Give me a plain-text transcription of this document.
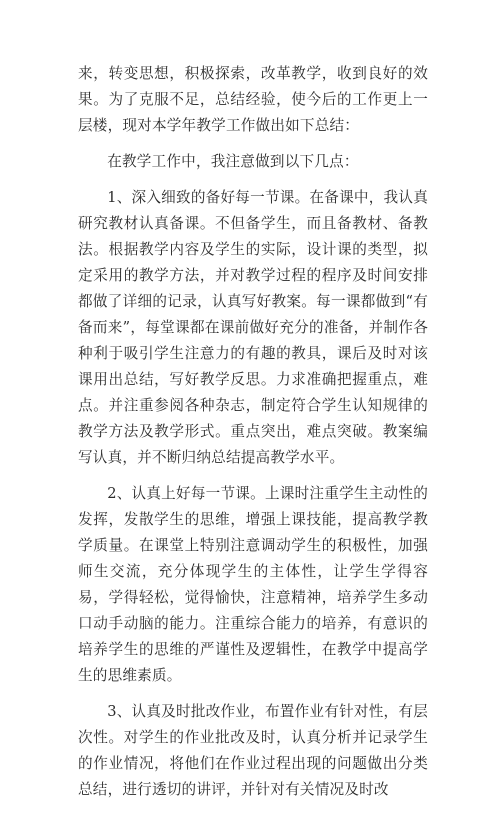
来，转变思想，积极探索，改革教学，收到良好的效果。为了克服不足，总结经验，使今后的工作更上一层楼，现对本学年教学工作做出如下总结：

在教学工作中，我注意做到以下几点：

1、深入细致的备好每一节课。在备课中，我认真研究教材认真备课。不但备学生，而且备教材、备教法。根据教学内容及学生的实际，设计课的类型，拟定采用的教学方法，并对教学过程的程序及时间安排都做了详细的记录，认真写好教案。每一课都做到“有备而来”，每堂课都在课前做好充分的准备，并制作各种利于吸引学生注意力的有趣的教具，课后及时对该课用出总结，写好教学反思。力求准确把握重点，难点。并注重参阅各种杂志，制定符合学生认知规律的教学方法及教学形式。重点突出，难点突破。教案编写认真，并不断归纳总结提高教学水平。

2、认真上好每一节课。上课时注重学生主动性的发挥，发散学生的思维，增强上课技能，提高教学教学质量。在课堂上特别注意调动学生的积极性，加强师生交流，充分体现学生的主体性，让学生学得容易，学得轻松，觉得愉快，注意精神，培养学生多动口动手动脑的能力。注重综合能力的培养，有意识的培养学生的思维的严谨性及逻辑性，在教学中提高学生的思维素质。

3、认真及时批改作业，布置作业有针对性，有层次性。对学生的作业批改及时，认真分析并记录学生的作业情况，将他们在作业过程出现的问题做出分类总结，进行透切的讲评，并针对有关情况及时改
